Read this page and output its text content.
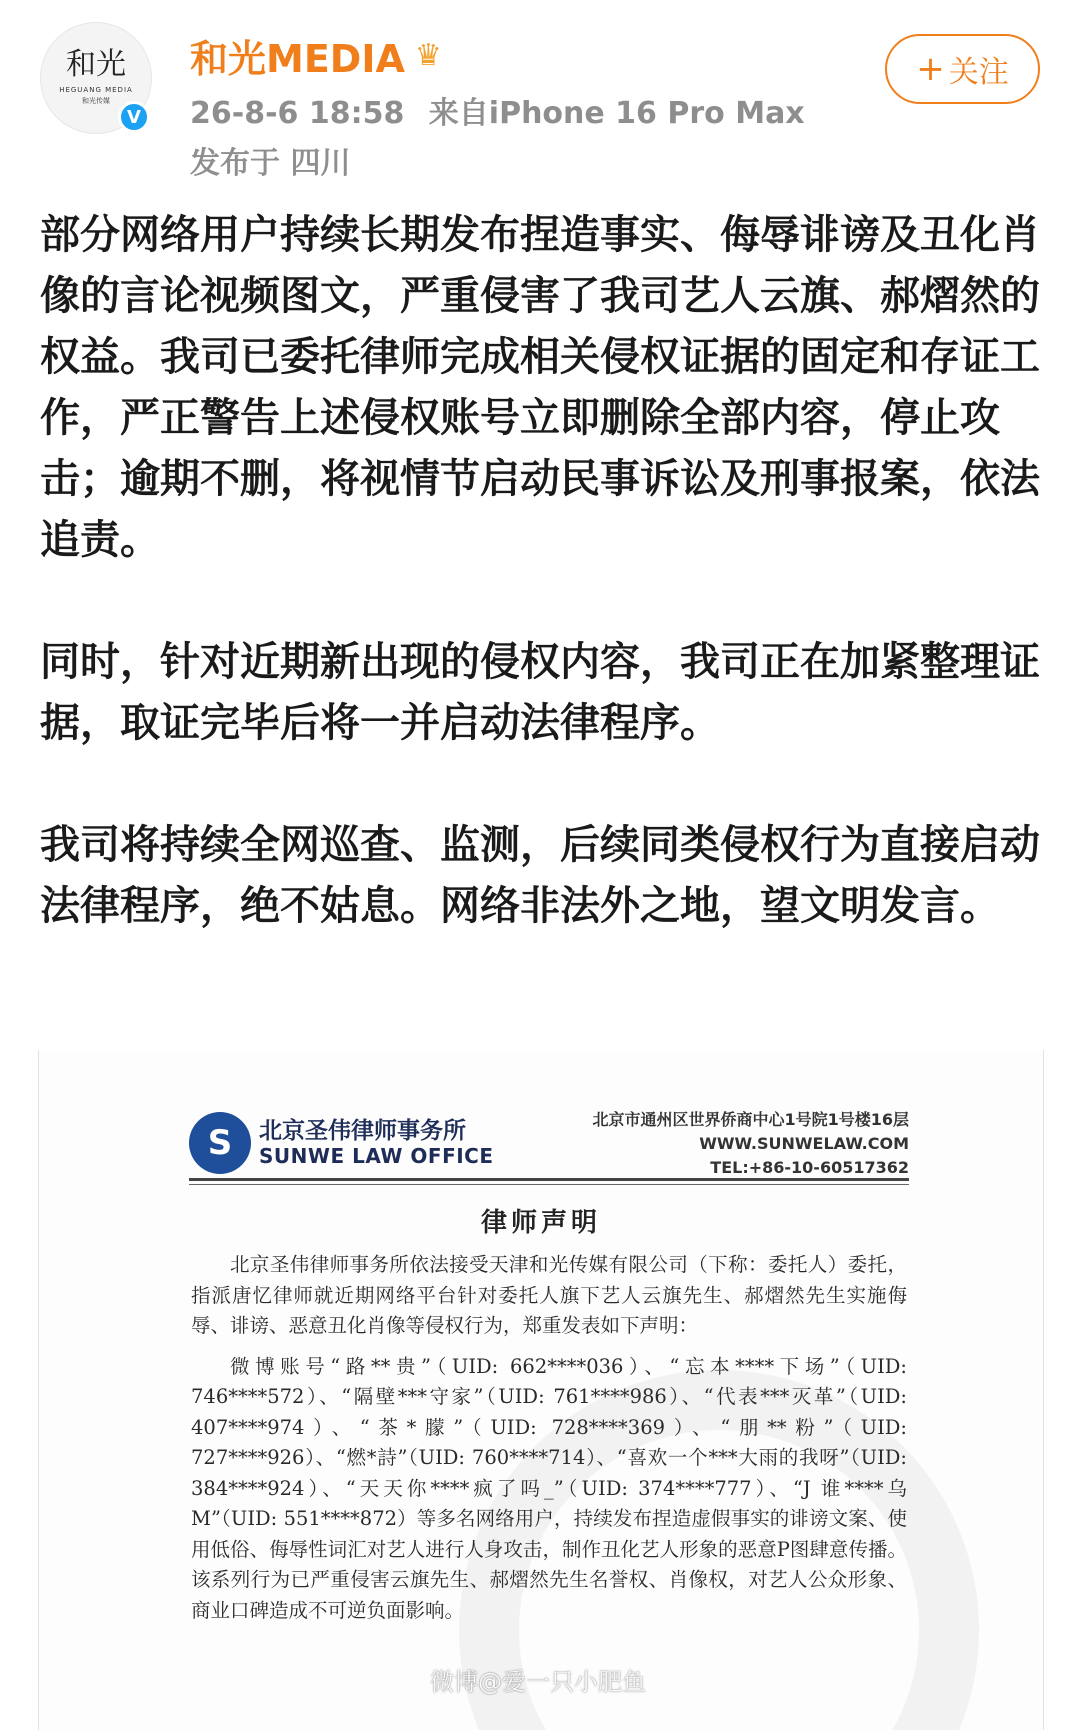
和光
HEGUANG MEDIA
和光传媒
V
和光MEDIA ♛
26-8-6 18:58 来自iPhone 16 Pro Max
发布于 四川
+ 关注

部分网络用户持续长期发布捏造事实、侮辱诽谤及丑化肖像的言论视频图文，严重侵害了我司艺人云旗、郝熠然的权益。我司已委托律师完成相关侵权证据的固定和存证工作，严正警告上述侵权账号立即删除全部内容，停止攻击；逾期不删，将视情节启动民事诉讼及刑事报案，依法追责。

同时，针对近期新出现的侵权内容，我司正在加紧整理证据，取证完毕后将一并启动法律程序。

我司将持续全网巡查、监测，后续同类侵权行为直接启动法律程序，绝不姑息。网络非法外之地，望文明发言。

S	北京圣伟律师事务所
SUNWE LAW OFFICE
北京市通州区世界侨商中心1号院1号楼16层
WWW.SUNWELAW.COM
TEL:+86-10-60517362
律师声明

北京圣伟律师事务所依法接受天津和光传媒有限公司（下称：委托人）委托，指派唐忆律师就近期网络平台针对委托人旗下艺人云旗先生、郝熠然先生实施侮辱、诽谤、恶意丑化肖像等侵权行为，郑重发表如下声明：

微博账号“路**贵”（UID: 662****036）、“忘本****下场”（UID: 746****572）、“隔壁***守家”（UID: 761****986）、“代表***灭革”（UID: 407****974）、“茶*朦”（UID: 728****369）、“朋**粉”（UID: 727****926）、“燃*詩”（UID: 760****714）、“喜欢一个***大雨的我呀”（UID: 384****924）、“天天你****疯了吗_”（UID: 374****777）、“J 谁****乌 M”（UID: 551****872）等多名网络用户，持续发布捏造虚假事实的诽谤文案、使用低俗、侮辱性词汇对艺人进行人身攻击，制作丑化艺人形象的恶意P图肆意传播。该系列行为已严重侵害云旗先生、郝熠然先生名誉权、肖像权，对艺人公众形象、商业口碑造成不可逆负面影响。

微博@爱一只小肥鱼
